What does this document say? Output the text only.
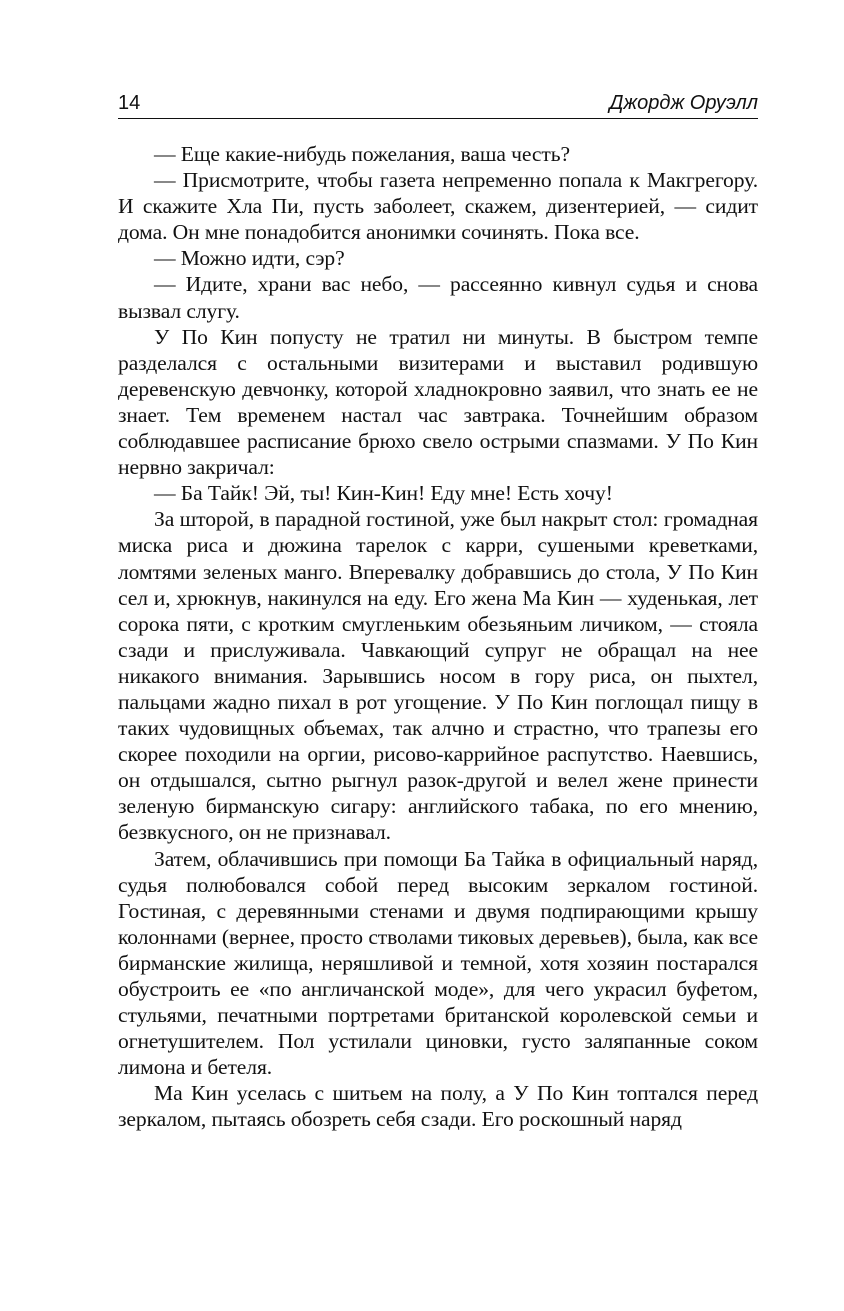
14	Джордж Оруэлл

— Еще какие-нибудь пожелания, ваша честь?

— Присмотрите, чтобы газета непременно попала к Макгрегору. И скажите Хла Пи, пусть заболеет, скажем, дизентерией, — сидит дома. Он мне понадобится анонимки сочинять. Пока все.

— Можно идти, сэр?

— Идите, храни вас небо, — рассеянно кивнул судья и снова вызвал слугу.

У По Кин попусту не тратил ни минуты. В быстром темпе разделался с остальными визитерами и выставил родившую деревенскую девчонку, которой хладнокровно заявил, что знать ее не знает. Тем временем настал час завтрака. Точнейшим образом соблюдавшее расписание брюхо свело острыми спазмами. У По Кин нервно закричал:

— Ба Тайк! Эй, ты! Кин-Кин! Еду мне! Есть хочу!

За шторой, в парадной гостиной, уже был накрыт стол: громадная миска риса и дюжина тарелок с карри, сушеными креветками, ломтями зеленых манго. Вперевалку добравшись до стола, У По Кин сел и, хрюкнув, накинулся на еду. Его жена Ма Кин — худенькая, лет сорока пяти, с кротким смугленьким обезьяньим личиком, — стояла сзади и прислуживала. Чавкающий супруг не обращал на нее никакого внимания. Зарывшись носом в гору риса, он пыхтел, пальцами жадно пихал в рот угощение. У По Кин поглощал пищу в таких чудовищных объемах, так алчно и страстно, что трапезы его скорее походили на оргии, рисово-каррийное распутство. Наевшись, он отдышался, сытно рыгнул разок-другой и велел жене принести зеленую бирманскую сигару: английского табака, по его мнению, безвкусного, он не признавал.

Затем, облачившись при помощи Ба Тайка в официальный наряд, судья полюбовался собой перед высоким зеркалом гостиной. Гостиная, с деревянными стенами и двумя подпирающими крышу колоннами (вернее, просто стволами тиковых деревьев), была, как все бирманские жилища, неряшливой и темной, хотя хозяин постарался обустроить ее «по англичанской моде», для чего украсил буфетом, стульями, печатными портретами британской королевской семьи и огнетушителем. Пол устилали циновки, густо заляпанные соком лимона и бетеля.

Ма Кин уселась с шитьем на полу, а У По Кин топтался перед зеркалом, пытаясь обозреть себя сзади. Его роскошный наряд
